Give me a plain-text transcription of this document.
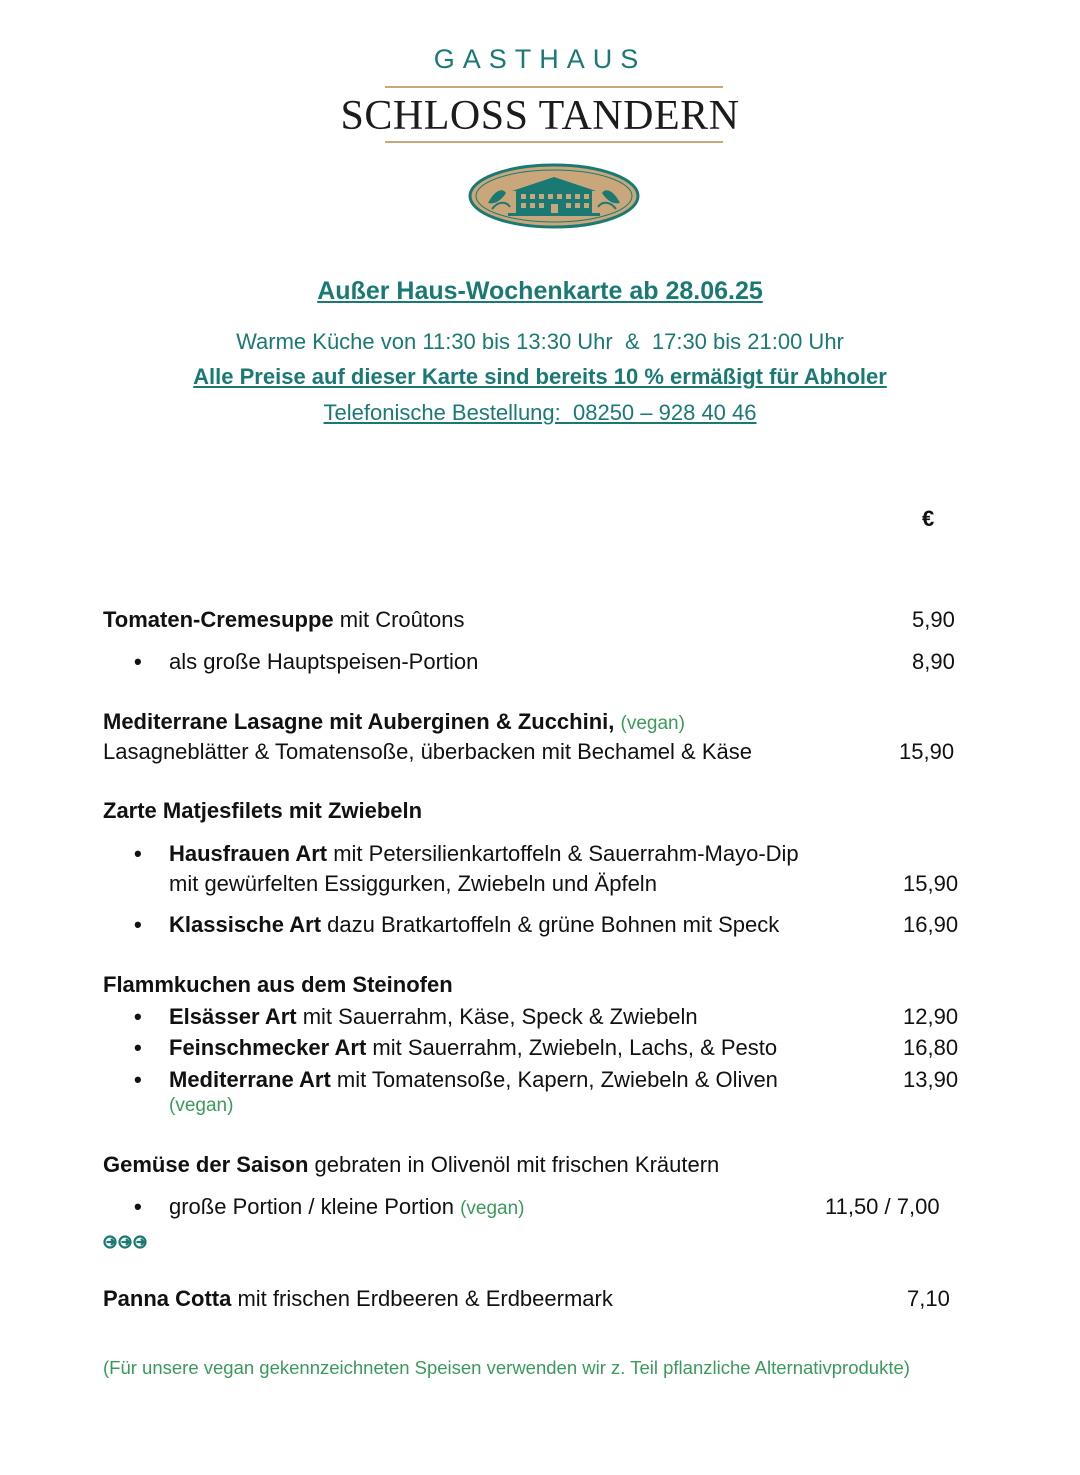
GASTHAUS
SCHLOSS TANDERN
Außer Haus-Wochenkarte ab 28.06.25
Warme Küche von 11:30 bis 13:30 Uhr  &  17:30 bis 21:00 Uhr
Alle Preise auf dieser Karte sind bereits 10 % ermäßigt für Abholer
Telefonische Bestellung:  08250 – 928 40 46
€
Tomaten-Cremesuppe mit Croûtons	5,90
• als große Hauptspeisen-Portion	8,90
Mediterrane Lasagne mit Auberginen & Zucchini, (vegan)
Lasagneblätter & Tomatensoße, überbacken mit Bechamel & Käse	15,90
Zarte Matjesfilets mit Zwiebeln
• Hausfrauen Art mit Petersilienkartoffeln & Sauerrahm-Mayo-Dip
mit gewürfelten Essiggurken, Zwiebeln und Äpfeln	15,90
• Klassische Art dazu Bratkartoffeln & grüne Bohnen mit Speck	16,90
Flammkuchen aus dem Steinofen
• Elsässer Art mit Sauerrahm, Käse, Speck & Zwiebeln	12,90
• Feinschmecker Art mit Sauerrahm, Zwiebeln, Lachs, & Pesto	16,80
• Mediterrane Art mit Tomatensoße, Kapern, Zwiebeln & Oliven	13,90
(vegan)
Gemüse der Saison gebraten in Olivenöl mit frischen Kräutern
• große Portion / kleine Portion (vegan)	11,50 / 7,00
Panna Cotta mit frischen Erdbeeren & Erdbeermark	7,10
(Für unsere vegan gekennzeichneten Speisen verwenden wir z. Teil pflanzliche Alternativprodukte)
